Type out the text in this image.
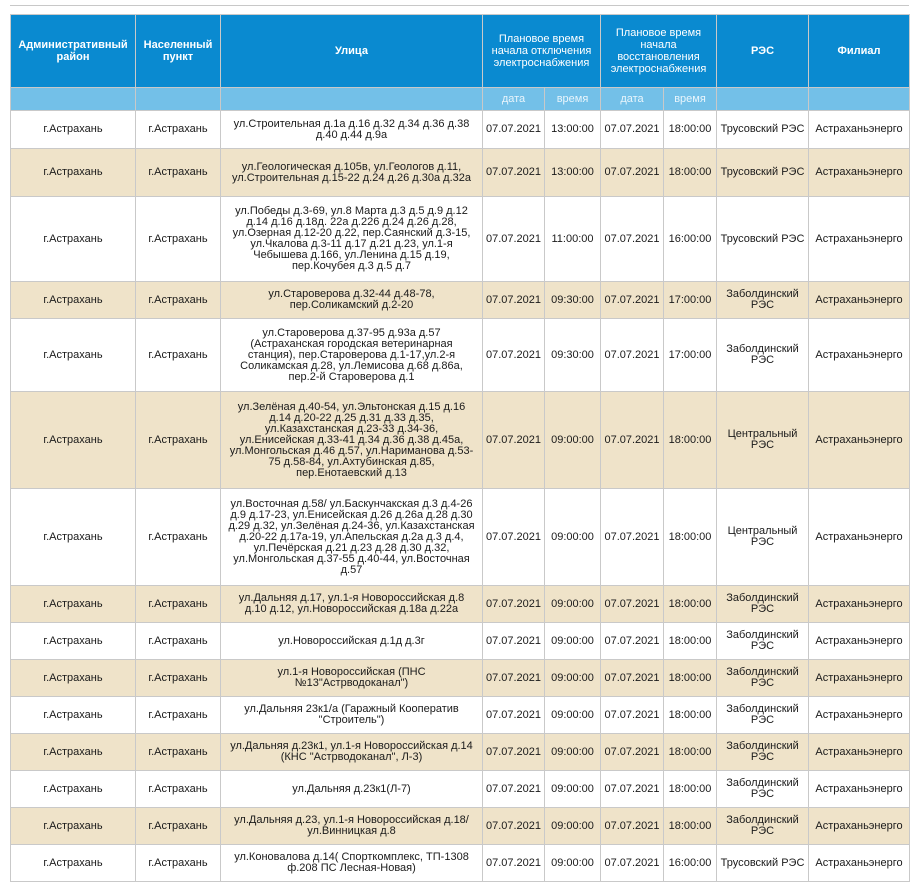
Административный район	Населенный пункт	Улица	Плановое время начала отключения электроснабжения		Плановое время начала восстановления электроснабжения		РЭС	Филиал
			дата	время	дата	время		
г.Астрахань	г.Астрахань	ул.Строительная д.1а д.16 д.32 д.34 д.36 д.38 д.40 д.44 д.9а	07.07.2021	13:00:00	07.07.2021	18:00:00	Трусовский РЭС	Астраханьэнерго
г.Астрахань	г.Астрахань	ул.Геологическая д.105в, ул.Геологов д.11, ул.Строительная д.15-22 д.24 д.26 д.30а д.32а	07.07.2021	13:00:00	07.07.2021	18:00:00	Трусовский РЭС	Астраханьэнерго
г.Астрахань	г.Астрахань	ул.Победы д.3-69, ул.8 Марта д.3 д.5 д.9 д.12 д.14 д.16 д.18д. 22а д.226 д.24 д.26 д.28, ул.Озерная д.12-20 д.22, пер.Саянский д.3-15, ул.Чкалова д.3-11 д.17 д.21 д.23, ул.1-я Чебышева д.166, ул.Ленина д.15 д.19, пер.Кочубея д.3 д.5 д.7	07.07.2021	11:00:00	07.07.2021	16:00:00	Трусовский РЭС	Астраханьэнерго
г.Астрахань	г.Астрахань	ул.Староверова д.32-44 д.48-78, пер.Соликамский д.2-20	07.07.2021	09:30:00	07.07.2021	17:00:00	Заболдинский РЭС	Астраханьэнерго
г.Астрахань	г.Астрахань	ул.Староверова д.37-95 д.93а д.57 (Астраханская городская ветеринарная станция), пер.Староверова д.1-17,ул.2-я Соликамская д.28, ул.Лемисова д.68 д.86а, пер.2-й Староверова д.1	07.07.2021	09:30:00	07.07.2021	17:00:00	Заболдинский РЭС	Астраханьэнерго
г.Астрахань	г.Астрахань	ул.Зелёная д.40-54, ул.Эльтонская д.15 д.16 д.14 д.20-22 д.25 д.31 д.33 д.35, ул.Казахстанская д.23-33 д.34-36, ул.Енисейская д.33-41 д.34 д.36 д.38 д.45а, ул.Монгольская д.46 д.57, ул.Нариманова д.53-75 д.58-84, ул.Ахтубинская д.85, пер.Енотаевский д.13	07.07.2021	09:00:00	07.07.2021	18:00:00	Центральный РЭС	Астраханьэнерго
г.Астрахань	г.Астрахань	ул.Восточная д.58/ ул.Баскунчакская д.3 д.4-26 д.9 д.17-23, ул.Енисейская д.26 д.26а д.28 д.30 д.29 д.32, ул.Зелёная д.24-36, ул.Казахстанская д.20-22 д.17а-19, ул.Апельская д.2а д.3 д.4, ул.Печёрская д.21 д.23 д.28 д.30 д.32, ул.Монгольская д.37-55 д.40-44, ул.Восточная д.57	07.07.2021	09:00:00	07.07.2021	18:00:00	Центральный РЭС	Астраханьэнерго
г.Астрахань	г.Астрахань	ул.Дальняя д.17, ул.1-я Новороссийская д.8 д.10 д.12, ул.Новороссийская д.18а д.22а	07.07.2021	09:00:00	07.07.2021	18:00:00	Заболдинский РЭС	Астраханьэнерго
г.Астрахань	г.Астрахань	ул.Новороссийская д.1д д.3г	07.07.2021	09:00:00	07.07.2021	18:00:00	Заболдинский РЭС	Астраханьэнерго
г.Астрахань	г.Астрахань	ул.1-я Новороссийская (ПНС №13"Астрводоканал")	07.07.2021	09:00:00	07.07.2021	18:00:00	Заболдинский РЭС	Астраханьэнерго
г.Астрахань	г.Астрахань	ул.Дальняя 23к1/а (Гаражный Кооператив "Строитель")	07.07.2021	09:00:00	07.07.2021	18:00:00	Заболдинский РЭС	Астраханьэнерго
г.Астрахань	г.Астрахань	ул.Дальняя д.23к1, ул.1-я Новороссийская д.14 (КНС "Астрводоканал", Л-3)	07.07.2021	09:00:00	07.07.2021	18:00:00	Заболдинский РЭС	Астраханьэнерго
г.Астрахань	г.Астрахань	ул.Дальняя д.23к1(Л-7)	07.07.2021	09:00:00	07.07.2021	18:00:00	Заболдинский РЭС	Астраханьэнерго
г.Астрахань	г.Астрахань	ул.Дальняя д.23, ул.1-я Новороссийская д.18/ ул.Винницкая д.8	07.07.2021	09:00:00	07.07.2021	18:00:00	Заболдинский РЭС	Астраханьэнерго
г.Астрахань	г.Астрахань	ул.Коновалова д.14( Спорткомплекс, ТП-1308 ф.208 ПС Лесная-Новая)	07.07.2021	09:00:00	07.07.2021	16:00:00	Трусовский РЭС	Астраханьэнерго
